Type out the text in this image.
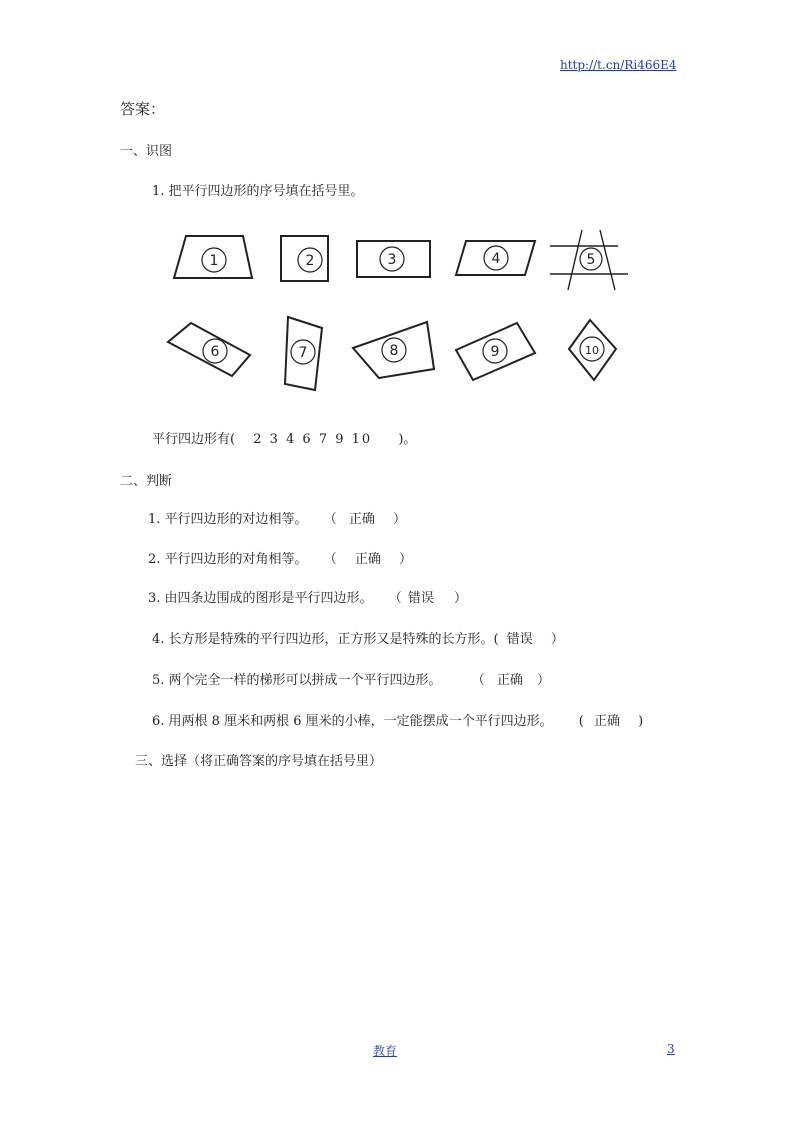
http://t.cn/Ri466E4
答案：
一、识图
1. 把平行四边形的序号填在括号里。
1	2	3	4	5
6	7	8	9	10
平行四边形有( 2 3 4 6 7 9 10 )。
二、判断
1. 平行四边形的对边相等。 （ 正确 ）
2. 平行四边形的对角相等。 （ 正确 ）
3. 由四条边围成的图形是平行四边形。 （ 错误 ）
4. 长方形是特殊的平行四边形，正方形又是特殊的长方形。( 错误 ）
5. 两个完全一样的梯形可以拼成一个平行四边形。 （ 正确 ）
6. 用两根 8 厘米和两根 6 厘米的小棒，一定能摆成一个平行四边形。 ( 正确 )
三、选择（将正确答案的序号填在括号里）
教育	3
